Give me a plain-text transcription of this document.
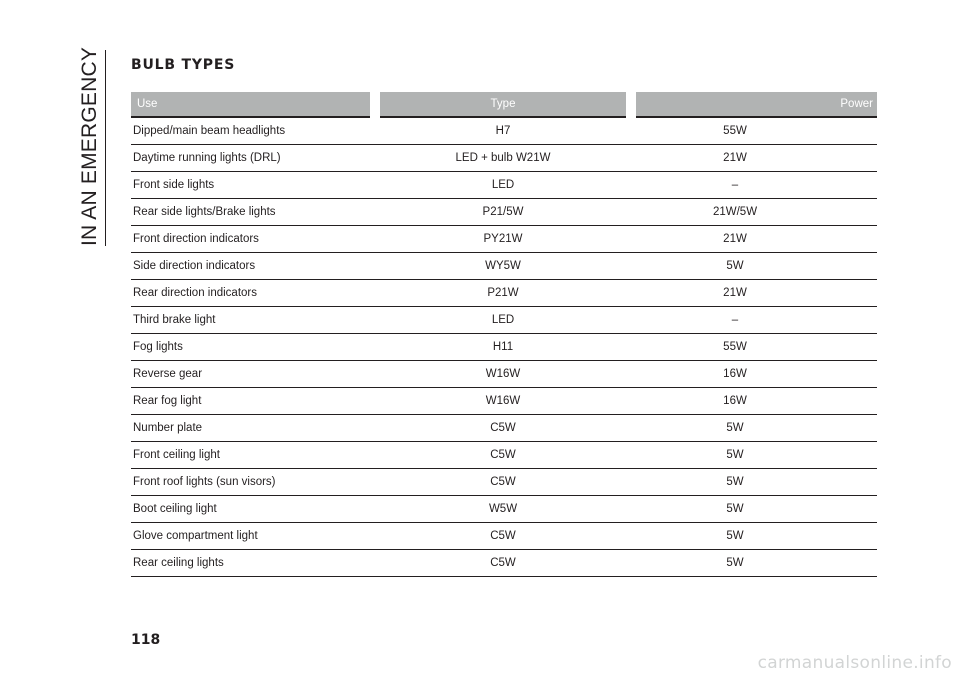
IN AN EMERGENCY BULB TYPES
Use	Type	Power
Dipped/main beam headlights	H7	55W
Daytime running lights (DRL)	LED + bulb W21W	21W
Front side lights	LED	–
Rear side lights/Brake lights	P21/5W	21W/5W
Front direction indicators	PY21W	21W
Side direction indicators	WY5W	5W
Rear direction indicators	P21W	21W
Third brake light	LED	–
Fog lights	H11	55W
Reverse gear	W16W	16W
Rear fog light	W16W	16W
Number plate	C5W	5W
Front ceiling light	C5W	5W
Front roof lights (sun visors)	C5W	5W
Boot ceiling light	W5W	5W
Glove compartment light	C5W	5W
Rear ceiling lights	C5W	5W
118
carmanualsonline.info
